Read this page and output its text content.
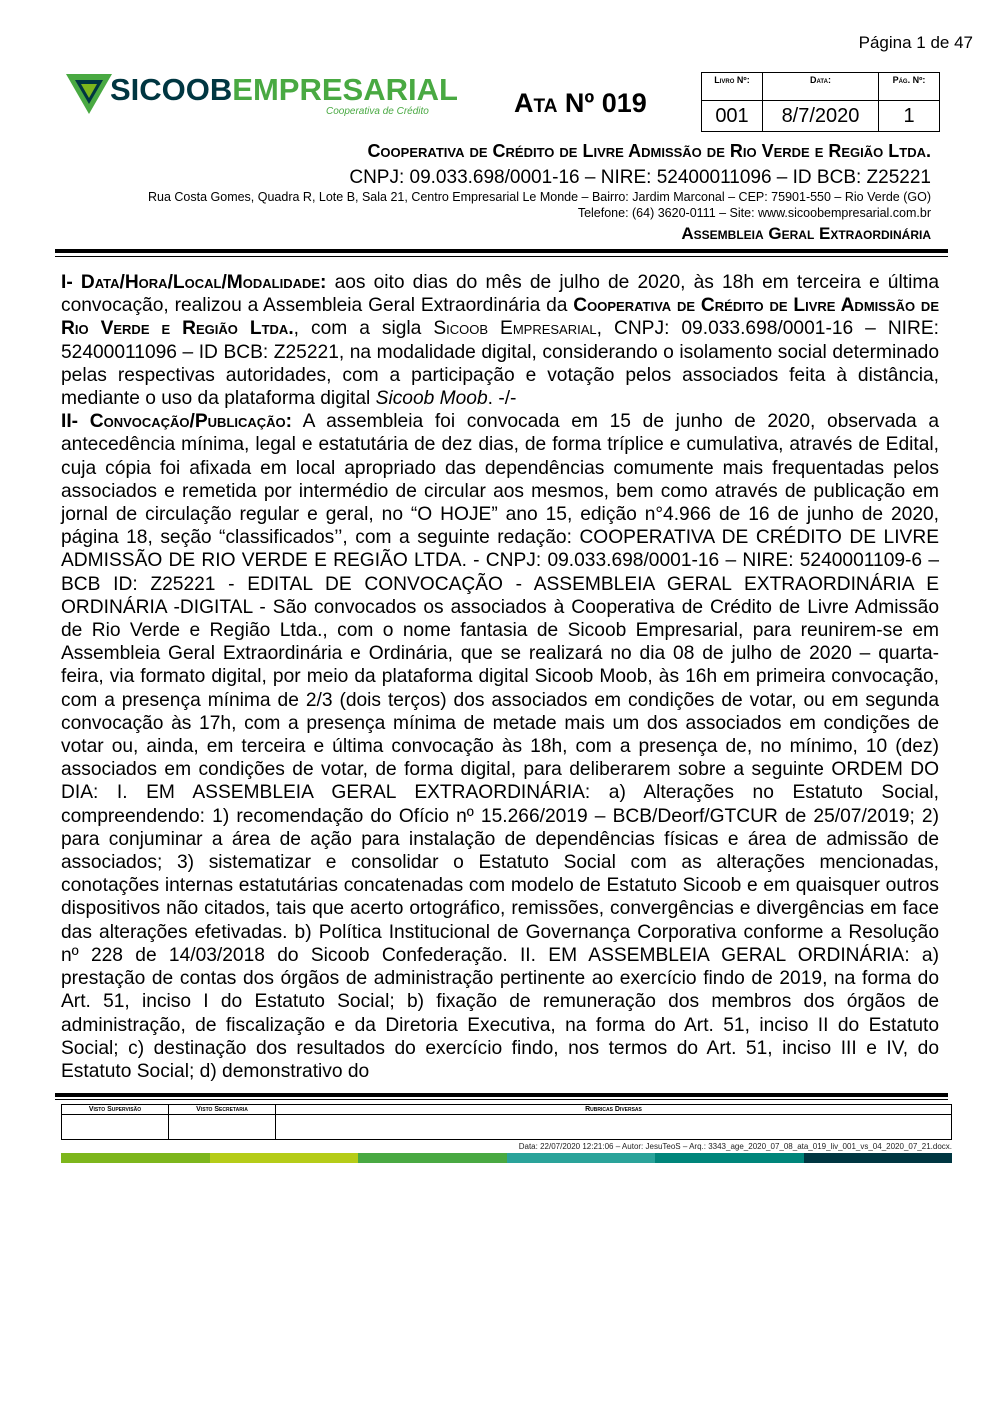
Página 1 de 47
SICOOBEMPRESARIAL
Cooperativa de Crédito	Ata Nº 019
Livro Nº:	Data:	Pág. Nº:
001	8/7/2020	1
Cooperativa de Crédito de Livre Admissão de Rio Verde e Região Ltda.
CNPJ: 09.033.698/0001-16 – NIRE: 52400011096 – ID BCB: Z25221
Rua Costa Gomes, Quadra R, Lote B, Sala 21, Centro Empresarial Le Monde – Bairro: Jardim Marconal – CEP: 75901-550 – Rio Verde (GO)
Telefone: (64) 3620-0111 – Site: www.sicoobempresarial.com.br
Assembleia Geral Extraordinária
I- Data/Hora/Local/Modalidade: aos oito dias do mês de julho de 2020, às 18h em terceira e última convocação, realizou a Assembleia Geral Extraordinária da Cooperativa de Crédito de Livre Admissão de Rio Verde e Região Ltda., com a sigla Sicoob Empresarial, CNPJ: 09.033.698/0001-16 – NIRE: 52400011096 – ID BCB: Z25221, na modalidade digital, considerando o isolamento social determinado pelas respectivas autoridades, com a participação e votação pelos associados feita à distância, mediante o uso da plataforma digital Sicoob Moob. -/-
II- Convocação/Publicação: A assembleia foi convocada em 15 de junho de 2020, observada a antecedência mínima, legal e estatutária de dez dias, de forma tríplice e cumulativa, através de Edital, cuja cópia foi afixada em local apropriado das dependências comumente mais frequentadas pelos associados e remetida por intermédio de circular aos mesmos, bem como através de publicação em jornal de circulação regular e geral, no “O HOJE” ano 15, edição n°4.966 de 16 de junho de 2020, página 18, seção “classificados’’, com a seguinte redação: COOPERATIVA DE CRÉDITO DE LIVRE ADMISSÃO DE RIO VERDE E REGIÃO LTDA. - CNPJ: 09.033.698/0001-16 – NIRE: 5240001109-6 – BCB ID: Z25221 - EDITAL DE CONVOCAÇÃO - ASSEMBLEIA GERAL EXTRAORDINÁRIA E ORDINÁRIA -DIGITAL - São convocados os associados à Cooperativa de Crédito de Livre Admissão de Rio Verde e Região Ltda., com o nome fantasia de Sicoob Empresarial, para reunirem-se em Assembleia Geral Extraordinária e Ordinária, que se realizará no dia 08 de julho de 2020 – quarta-feira, via formato digital, por meio da plataforma digital Sicoob Moob, às 16h em primeira convocação, com a presença mínima de 2/3 (dois terços) dos associados em condições de votar, ou em segunda convocação às 17h, com a presença mínima de metade mais um dos associados em condições de votar ou, ainda, em terceira e última convocação às 18h, com a presença de, no mínimo, 10 (dez) associados em condições de votar, de forma digital, para deliberarem sobre a seguinte ORDEM DO DIA: I. EM ASSEMBLEIA GERAL EXTRAORDINÁRIA: a) Alterações no Estatuto Social, compreendendo: 1) recomendação do Ofício nº 15.266/2019 – BCB/Deorf/GTCUR de 25/07/2019; 2) para conjuminar a área de ação para instalação de dependências físicas e área de admissão de associados; 3) sistematizar e consolidar o Estatuto Social com as alterações mencionadas, conotações internas estatutárias concatenadas com modelo de Estatuto Sicoob e em quaisquer outros dispositivos não citados, tais que acerto ortográfico, remissões, convergências e divergências em face das alterações efetivadas. b) Política Institucional de Governança Corporativa conforme a Resolução nº 228 de 14/03/2018 do Sicoob Confederação. II. EM ASSEMBLEIA GERAL ORDINÁRIA: a) prestação de contas dos órgãos de administração pertinente ao exercício findo de 2019, na forma do Art. 51, inciso I do Estatuto Social; b) fixação de remuneração dos membros dos órgãos de administração, de fiscalização e da Diretoria Executiva, na forma do Art. 51, inciso II do Estatuto Social; c) destinação dos resultados do exercício findo, nos termos do Art. 51, inciso III e IV, do Estatuto Social; d) demonstrativo do
Visto Supervisão	Visto Secretaria	Rubricas Diversas

Data: 22/07/2020 12:21:06 – Autor: JesuTeoS – Arq.: 3343_age_2020_07_08_ata_019_liv_001_vs_04_2020_07_21.docx.
